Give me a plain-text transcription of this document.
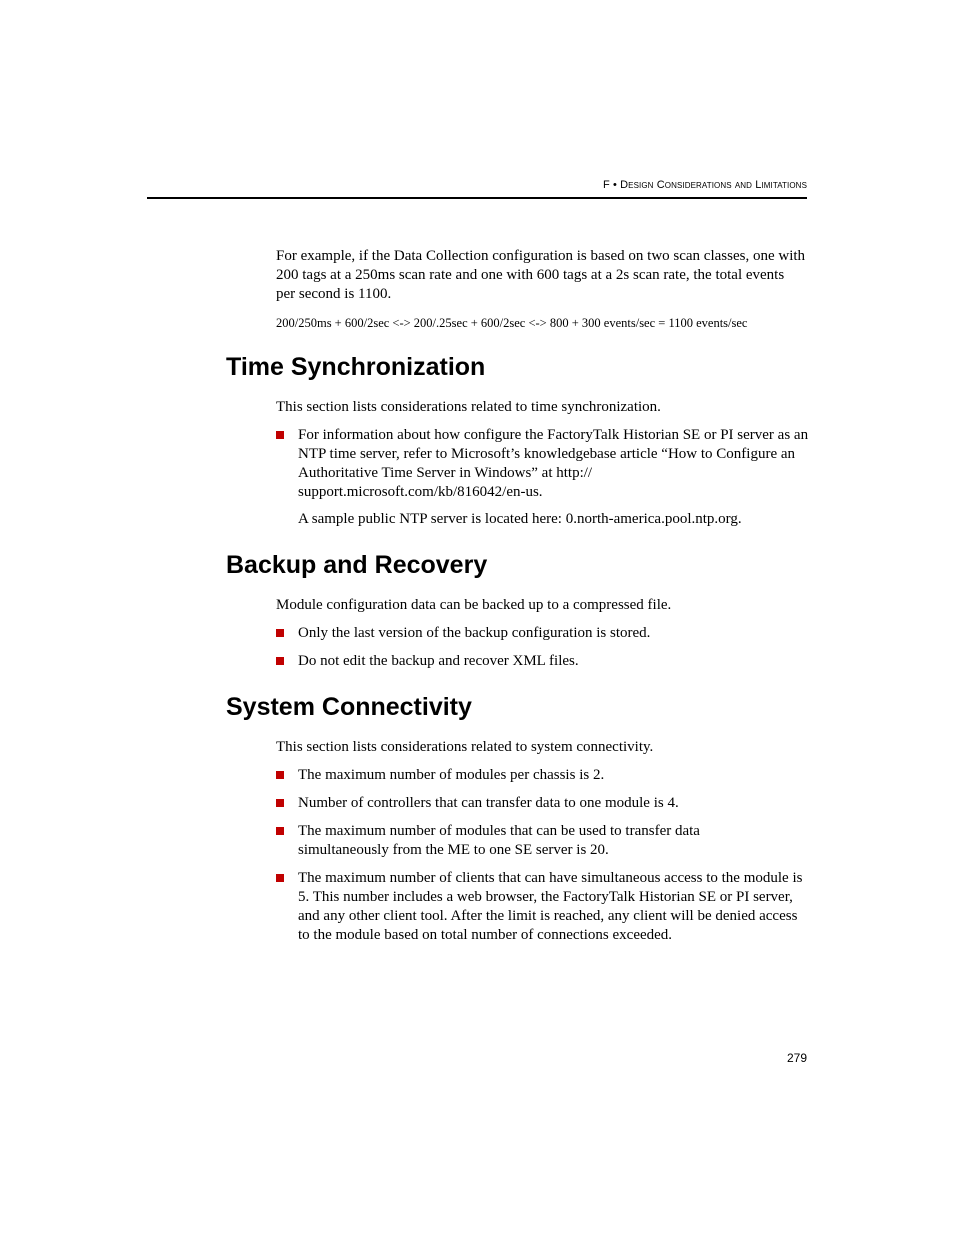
F • Design Considerations and Limitations
For example, if the Data Collection configuration is based on two scan classes, one with 200 tags at a 250ms scan rate and one with 600 tags at a 2s scan rate, the total events per second is 1100.
200/250ms + 600/2sec <-> 200/.25sec + 600/2sec <-> 800 + 300 events/sec = 1100 events/sec
Time Synchronization
This section lists considerations related to time synchronization.
For information about how configure the FactoryTalk Historian SE or PI server as an NTP time server, refer to Microsoft’s knowledgebase article “How to Configure an Authoritative Time Server in Windows” at http:// support.microsoft.com/kb/816042/en-us.
A sample public NTP server is located here: 0.north-america.pool.ntp.org.
Backup and Recovery
Module configuration data can be backed up to a compressed file.
Only the last version of the backup configuration is stored.
Do not edit the backup and recover XML files.
System Connectivity
This section lists considerations related to system connectivity.
The maximum number of modules per chassis is 2.
Number of controllers that can transfer data to one module is 4.
The maximum number of modules that can be used to transfer data simultaneously from the ME to one SE server is 20.
The maximum number of clients that can have simultaneous access to the module is 5. This number includes a web browser, the FactoryTalk Historian SE or PI server, and any other client tool. After the limit is reached, any client will be denied access to the module based on total number of connections exceeded.
279
